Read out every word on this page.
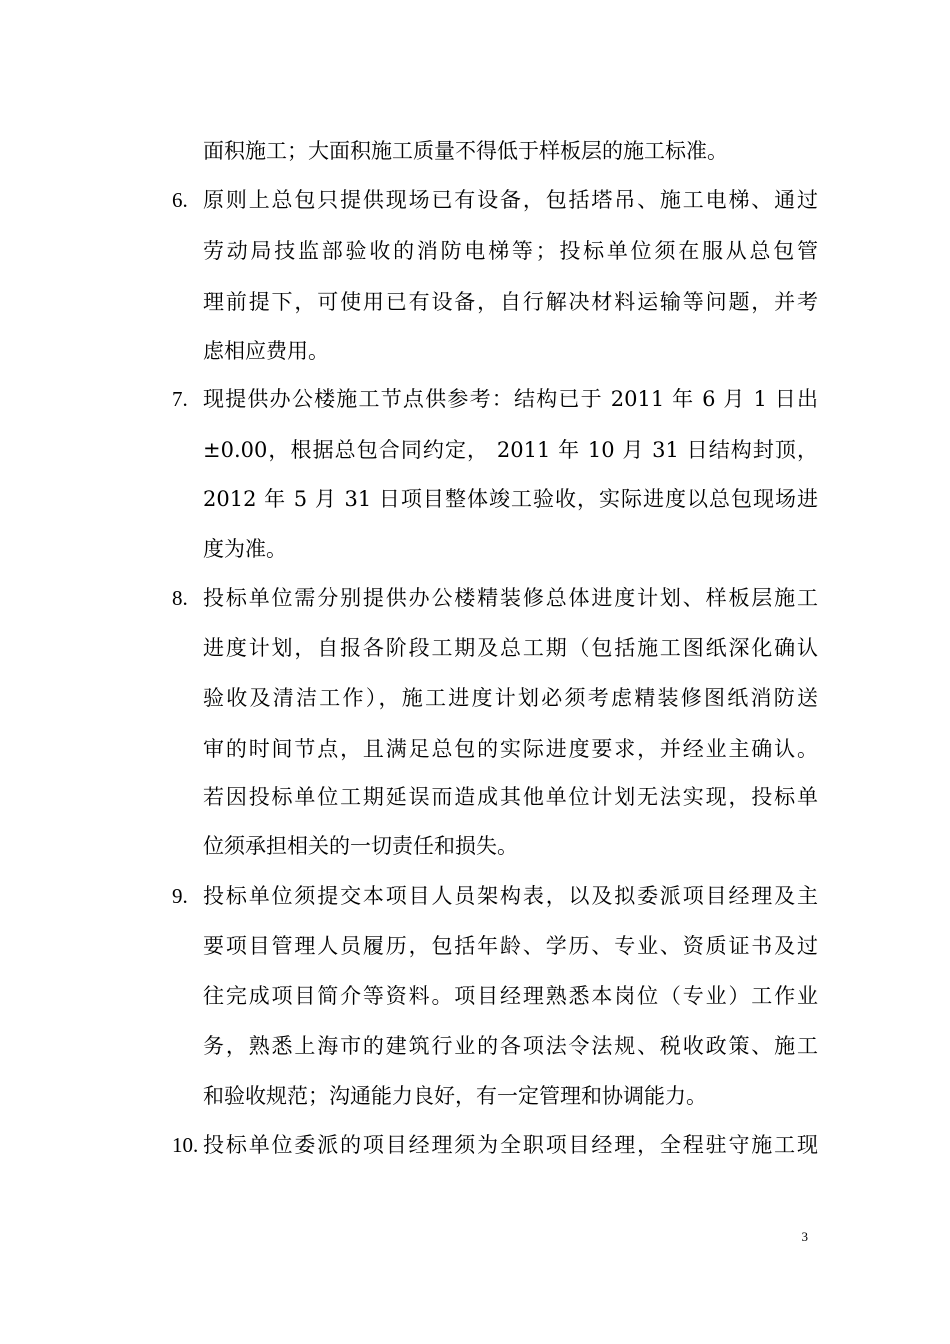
面积施工；大面积施工质量不得低于样板层的施工标准。
6. 原则上总包只提供现场已有设备，包括塔吊、施工电梯、通过
劳动局技监部验收的消防电梯等；投标单位须在服从总包管
理前提下，可使用已有设备，自行解决材料运输等问题，并考
虑相应费用。
7. 现提供办公楼施工节点供参考：结构已于 2011 年 6 月 1 日出
±0.00，根据总包合同约定， 2011 年 10 月 31 日结构封顶，
2012 年 5 月 31 日项目整体竣工验收，实际进度以总包现场进
度为准。
8. 投标单位需分别提供办公楼精装修总体进度计划、样板层施工
进度计划，自报各阶段工期及总工期（包括施工图纸深化确认
验收及清洁工作），施工进度计划必须考虑精装修图纸消防送
审的时间节点，且满足总包的实际进度要求，并经业主确认。
若因投标单位工期延误而造成其他单位计划无法实现，投标单
位须承担相关的一切责任和损失。
9. 投标单位须提交本项目人员架构表，以及拟委派项目经理及主
要项目管理人员履历，包括年龄、学历、专业、资质证书及过
往完成项目简介等资料。项目经理熟悉本岗位（专业）工作业
务，熟悉上海市的建筑行业的各项法令法规、税收政策、施工
和验收规范；沟通能力良好，有一定管理和协调能力。
10. 投标单位委派的项目经理须为全职项目经理，全程驻守施工现
3
